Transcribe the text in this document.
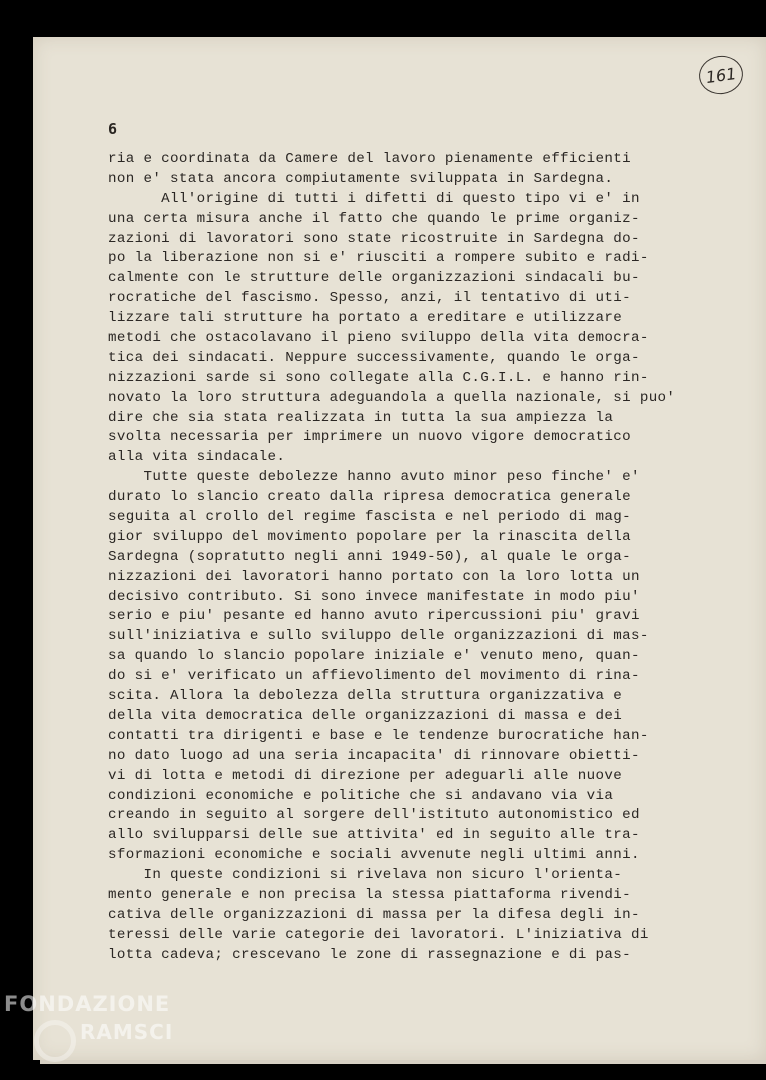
161
6
ria e coordinata da Camere del lavoro pienamente efficienti
non e' stata ancora compiutamente sviluppata in Sardegna.
All'origine di tutti i difetti di questo tipo vi e' in
una certa misura anche il fatto che quando le prime organiz-
zazioni di lavoratori sono state ricostruite in Sardegna do-
po la liberazione non si e' riusciti a rompere subito e radi-
calmente con le strutture delle organizzazioni sindacali bu-
rocratiche del fascismo. Spesso, anzi, il tentativo di uti-
lizzare tali strutture ha portato a ereditare e utilizzare
metodi che ostacolavano il pieno sviluppo della vita democra-
tica dei sindacati. Neppure successivamente, quando le orga-
nizzazioni sarde si sono collegate alla C.G.I.L. e hanno rin-
novato la loro struttura adeguandola a quella nazionale, si puo'
dire che sia stata realizzata in tutta la sua ampiezza la
svolta necessaria per imprimere un nuovo vigore democratico
alla vita sindacale.
Tutte queste debolezze hanno avuto minor peso finche' e'
durato lo slancio creato dalla ripresa democratica generale
seguita al crollo del regime fascista e nel periodo di mag-
gior sviluppo del movimento popolare per la rinascita della
Sardegna (sopratutto negli anni 1949-50), al quale le orga-
nizzazioni dei lavoratori hanno portato con la loro lotta un
decisivo contributo. Si sono invece manifestate in modo piu'
serio e piu' pesante ed hanno avuto ripercussioni piu' gravi
sull'iniziativa e sullo sviluppo delle organizzazioni di mas-
sa quando lo slancio popolare iniziale e' venuto meno, quan-
do si e' verificato un affievolimento del movimento di rina-
scita. Allora la debolezza della struttura organizzativa e
della vita democratica delle organizzazioni di massa e dei
contatti tra dirigenti e base e le tendenze burocratiche han-
no dato luogo ad una seria incapacita' di rinnovare obietti-
vi di lotta e metodi di direzione per adeguarli alle nuove
condizioni economiche e politiche che si andavano via via
creando in seguito al sorgere dell'istituto autonomistico ed
allo svilupparsi delle sue attivita' ed in seguito alle tra-
sformazioni economiche e sociali avvenute negli ultimi anni.
In queste condizioni si rivelava non sicuro l'orienta-
mento generale e non precisa la stessa piattaforma rivendi-
cativa delle organizzazioni di massa per la difesa degli in-
teressi delle varie categorie dei lavoratori. L'iniziativa di
lotta cadeva; crescevano le zone di rassegnazione e di pas-
FONDAZIONE
RAMSCI
